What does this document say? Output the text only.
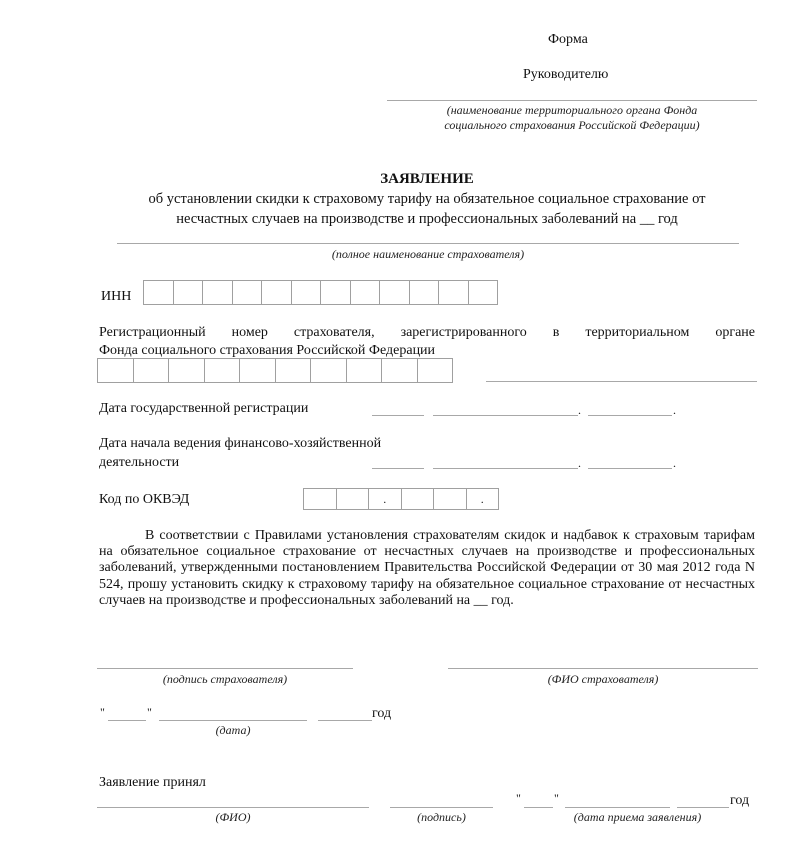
Форма
Руководителю
(наименование территориального органа Фонда
социального страхования Российской Федерации)
ЗАЯВЛЕНИЕ
об установлении скидки к страховому тарифу на обязательное социальное страхование от
несчастных случаев на производстве и профессиональных заболеваний на __ год
(полное наименование страхователя)
ИНН
Регистрационный номер страхователя, зарегистрированного в территориальном органе
Фонда социального страхования Российской Федерации
Дата государственной регистрации	.	.
Дата начала ведения финансово-хозяйственной
деятельности	.	.
Код по ОКВЭД	.	.

В соответствии с Правилами установления страхователям скидок и надбавок к страховым тарифам на обязательное социальное страхование от несчастных случаев на производстве и профессиональных заболеваний, утвержденными постановлением Правительства Российской Федерации от 30 мая 2012 года N 524, прошу установить скидку к страховому тарифу на обязательное социальное страхование от несчастных случаев на производстве и профессиональных заболеваний на __ год.

(подпись страхователя)	(ФИО страхователя)
"	"	год
(дата)
Заявление принял
(ФИО)	(подпись)
"	"	год
(дата приема заявления)
